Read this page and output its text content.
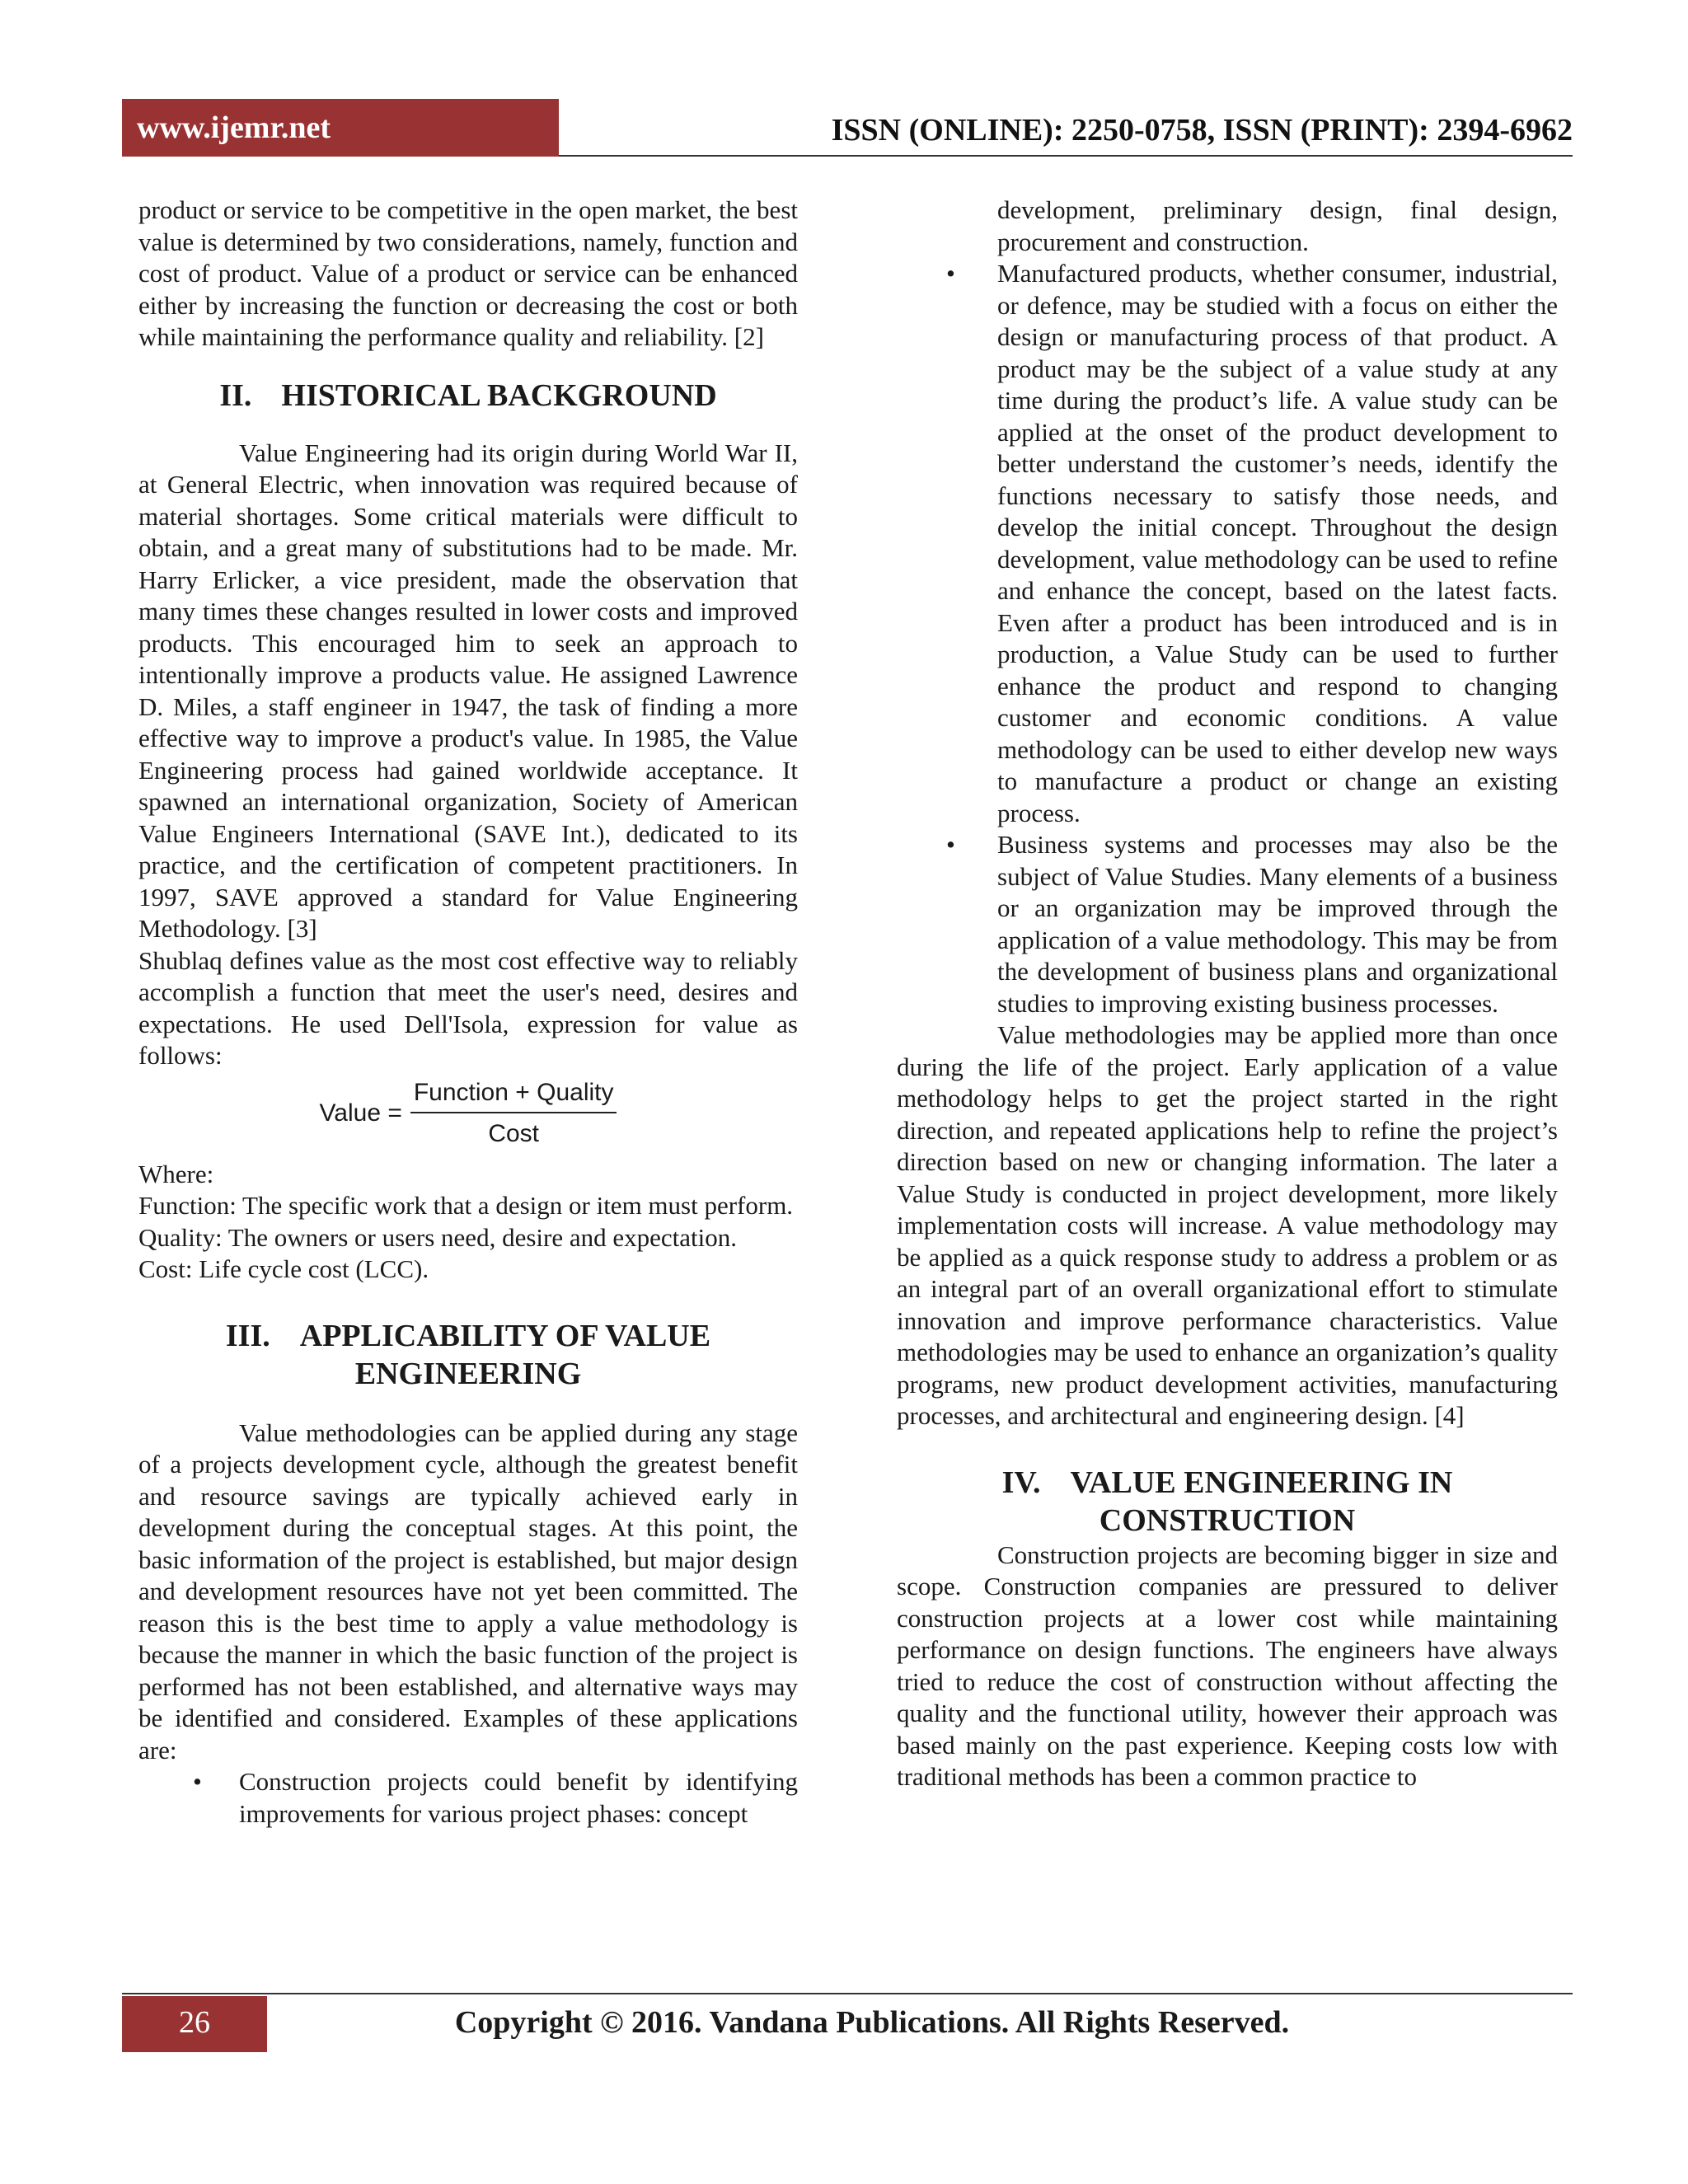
www.ijemr.net	ISSN (ONLINE): 2250-0758, ISSN (PRINT): 2394-6962

product or service to be competitive in the open market, the best value is determined by two considerations, namely, function and cost of product. Value of a product or service can be enhanced either by increasing the function or decreasing the cost or both while maintaining the performance quality and reliability. [2]

II. HISTORICAL BACKGROUND

Value Engineering had its origin during World War II, at General Electric, when innovation was required because of material shortages. Some critical materials were difficult to obtain, and a great many of substitutions had to be made. Mr. Harry Erlicker, a vice president, made the observation that many times these changes resulted in lower costs and improved products. This encouraged him to seek an approach to intentionally improve a products value. He assigned Lawrence D. Miles, a staff engineer in 1947, the task of finding a more effective way to improve a product's value. In 1985, the Value Engineering process had gained worldwide acceptance. It spawned an international organization, Society of American Value Engineers International (SAVE Int.), dedicated to its practice, and the certification of competent practitioners. In 1997, SAVE approved a standard for Value Engineering Methodology. [3]

Shublaq defines value as the most cost effective way to reliably accomplish a function that meet the user's need, desires and expectations. He used Dell'Isola, expression for value as follows:

Value = $\frac{\text{Function + Quality}}{\text{Cost}}$

Where:

Function: The specific work that a design or item must perform.

Quality: The owners or users need, desire and expectation.

Cost: Life cycle cost (LCC).

III. APPLICABILITY OF VALUE
ENGINEERING

Value methodologies can be applied during any stage of a projects development cycle, although the greatest benefit and resource savings are typically achieved early in development during the conceptual stages. At this point, the basic information of the project is established, but major design and development resources have not yet been committed. The reason this is the best time to apply a value methodology is because the manner in which the basic function of the project is performed has not been established, and alternative ways may be identified and considered. Examples of these applications are:

• Construction projects could benefit by identifying improvements for various project phases: concept
development, preliminary design, final design, procurement and construction.
• Manufactured products, whether consumer, industrial, or defence, may be studied with a focus on either the design or manufacturing process of that product. A product may be the subject of a value study at any time during the product’s life. A value study can be applied at the onset of the product development to better understand the customer’s needs, identify the functions necessary to satisfy those needs, and develop the initial concept. Throughout the design development, value methodology can be used to refine and enhance the concept, based on the latest facts. Even after a product has been introduced and is in production, a Value Study can be used to further enhance the product and respond to changing customer and economic conditions. A value methodology can be used to either develop new ways to manufacture a product or change an existing process.
• Business systems and processes may also be the subject of Value Studies. Many elements of a business or an organization may be improved through the application of a value methodology. This may be from the development of business plans and organizational studies to improving existing business processes.

Value methodologies may be applied more than once during the life of the project. Early application of a value methodology helps to get the project started in the right direction, and repeated applications help to refine the project’s direction based on new or changing information. The later a Value Study is conducted in project development, more likely implementation costs will increase. A value methodology may be applied as a quick response study to address a problem or as an integral part of an overall organizational effort to stimulate innovation and improve performance characteristics. Value methodologies may be used to enhance an organization’s quality programs, new product development activities, manufacturing processes, and architectural and engineering design. [4]

IV. VALUE ENGINEERING IN
CONSTRUCTION

Construction projects are becoming bigger in size and scope. Construction companies are pressured to deliver construction projects at a lower cost while maintaining performance on design functions. The engineers have always tried to reduce the cost of construction without affecting the quality and the functional utility, however their approach was based mainly on the past experience. Keeping costs low with traditional methods has been a common practice to

26	Copyright © 2016. Vandana Publications. All Rights Reserved.
